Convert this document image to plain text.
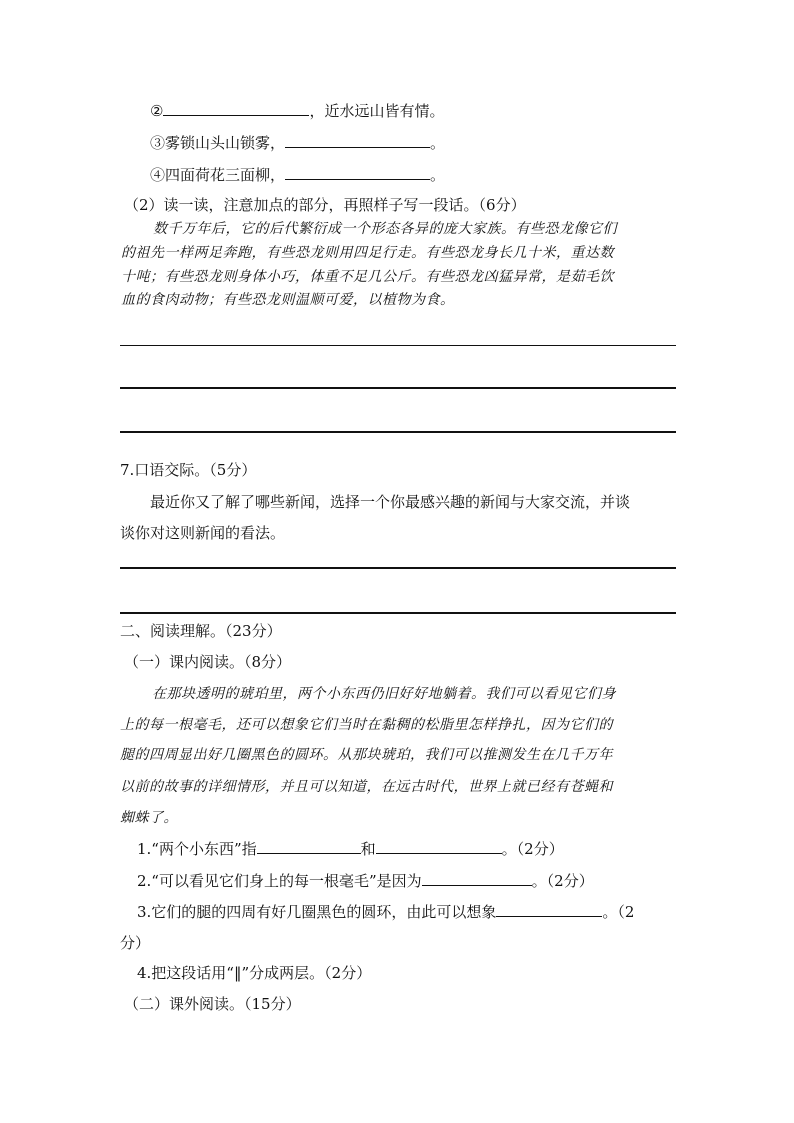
②	，近水远山皆有情。
③雾锁山头山锁雾，	。
④四面荷花三面柳，	。
（2）读一读，注意加点的部分，再照样子写一段话。（6分）
数千万年后，它的后代繁衍成一个形态各异的庞大家族。有些恐龙像它们
的祖先一样两足奔跑，有些恐龙则用四足行走。有些恐龙身长几十米，重达数
十吨；有些恐龙则身体小巧，体重不足几公斤。有些恐龙凶猛异常，是茹毛饮
血的食肉动物；有些恐龙则温顺可爱，以植物为食。
7.口语交际。（5分）
最近你又了解了哪些新闻，选择一个你最感兴趣的新闻与大家交流，并谈
谈你对这则新闻的看法。
二、阅读理解。（23分）
（一）课内阅读。（8分）
在那块透明的琥珀里，两个小东西仍旧好好地躺着。我们可以看见它们身
上的每一根毫毛，还可以想象它们当时在黏稠的松脂里怎样挣扎，因为它们的
腿的四周显出好几圈黑色的圆环。从那块琥珀，我们可以推测发生在几千万年
以前的故事的详细情形，并且可以知道，在远古时代，世界上就已经有苍蝇和
蜘蛛了。
1.“两个小东西”指	和	。（2分）
2.“可以看见它们身上的每一根毫毛”是因为	。（2分）
3.它们的腿的四周有好几圈黑色的圆环，由此可以想象	。（2
分）
4.把这段话用“‖”分成两层。（2分）
（二）课外阅读。（15分）
